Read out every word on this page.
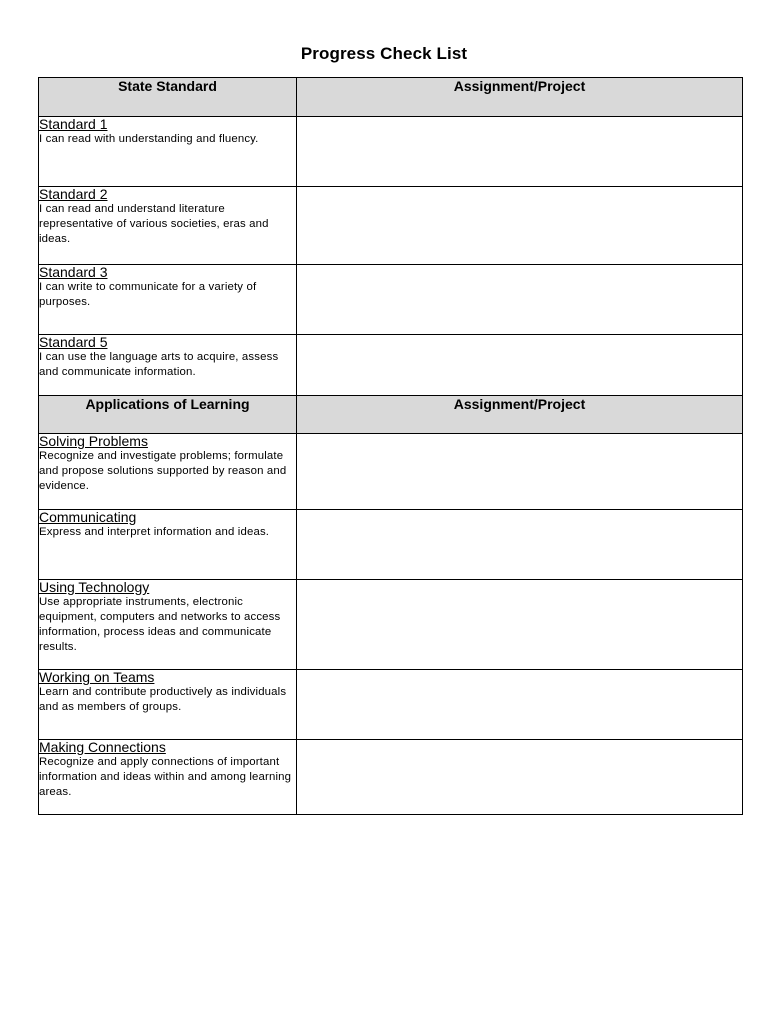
Progress Check List
State Standard	Assignment/Project

Standard 1
I can read with understanding and fluency.	

Standard 2
I can read and understand literature representative of various societies, eras and ideas.	

Standard 3
I can write to communicate for a variety of purposes.	

Standard 5
I can use the language arts to acquire, assess and communicate information.	

Applications of Learning	Assignment/Project

Solving Problems
Recognize and investigate problems; formulate and propose solutions supported by reason and evidence.	

Communicating
Express and interpret information and ideas.	

Using Technology
Use appropriate instruments, electronic equipment, computers and networks to access information, process ideas and communicate results.	

Working on Teams
Learn and contribute productively as individuals and as members of groups.	

Making Connections
Recognize and apply connections of important information and ideas within and among learning areas.	
